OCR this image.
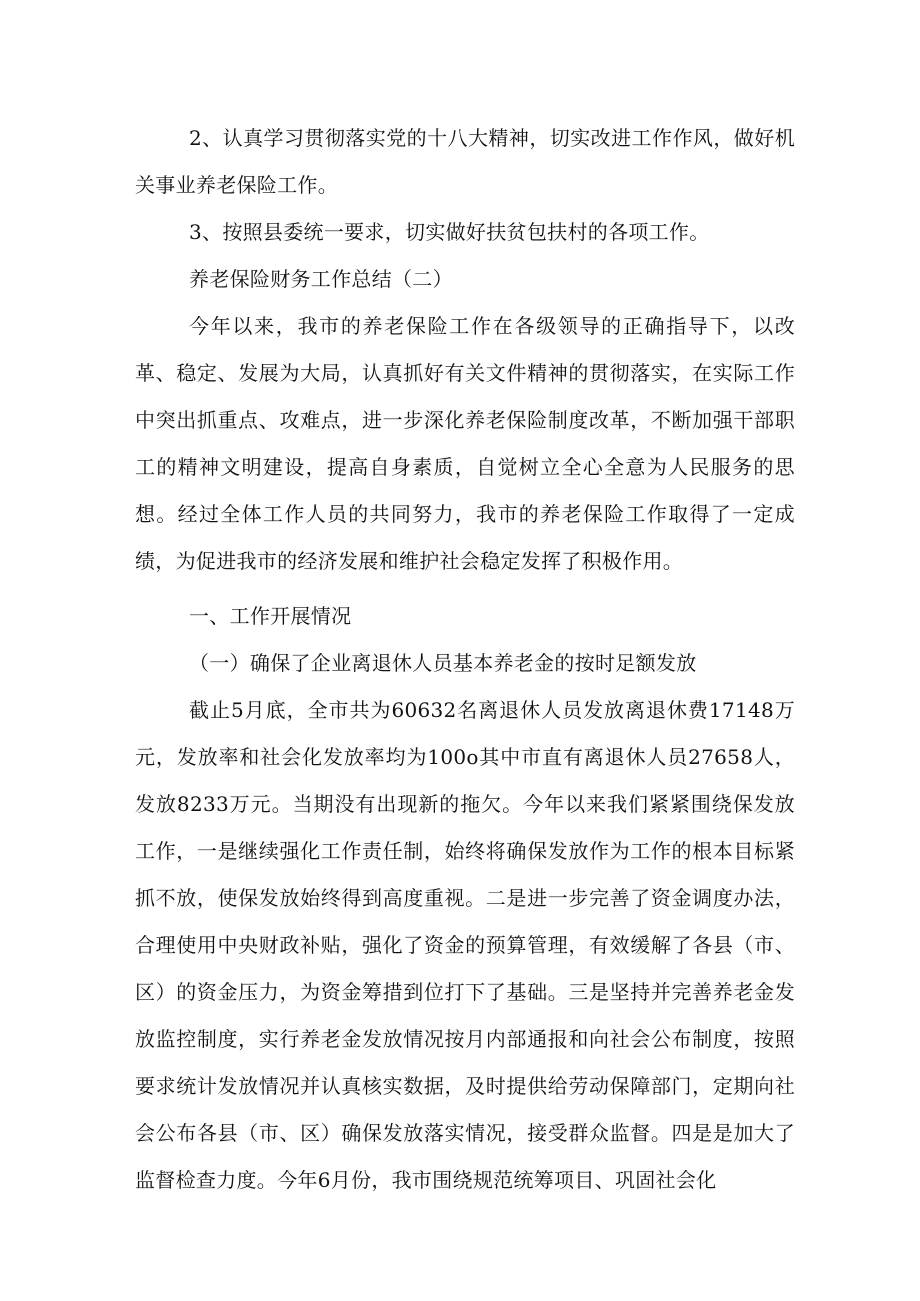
2、认真学习贯彻落实党的十八大精神，切实改进工作作风，做好机关事业养老保险工作。

3、按照县委统一要求，切实做好扶贫包扶村的各项工作。

养老保险财务工作总结（二）

今年以来，我市的养老保险工作在各级领导的正确指导下，以改革、稳定、发展为大局，认真抓好有关文件精神的贯彻落实，在实际工作中突出抓重点、攻难点，进一步深化养老保险制度改革，不断加强干部职工的精神文明建设，提高自身素质，自觉树立全心全意为人民服务的思想。经过全体工作人员的共同努力，我市的养老保险工作取得了一定成绩，为促进我市的经济发展和维护社会稳定发挥了积极作用。

一、工作开展情况

（一）确保了企业离退休人员基本养老金的按时足额发放

截止5月底，全市共为60632名离退休人员发放离退休费17148万元，发放率和社会化发放率均为100o其中市直有离退休人员27658人，发放8233万元。当期没有出现新的拖欠。今年以来我们紧紧围绕保发放工作，一是继续强化工作责任制，始终将确保发放作为工作的根本目标紧抓不放，使保发放始终得到高度重视。二是进一步完善了资金调度办法，合理使用中央财政补贴，强化了资金的预算管理，有效缓解了各县（市、区）的资金压力，为资金筹措到位打下了基础。三是坚持并完善养老金发放监控制度，实行养老金发放情况按月内部通报和向社会公布制度，按照要求统计发放情况并认真核实数据，及时提供给劳动保障部门，定期向社会公布各县（市、区）确保发放落实情况，接受群众监督。四是是加大了监督检查力度。今年6月份，我市围绕规范统筹项目、巩固社会化
